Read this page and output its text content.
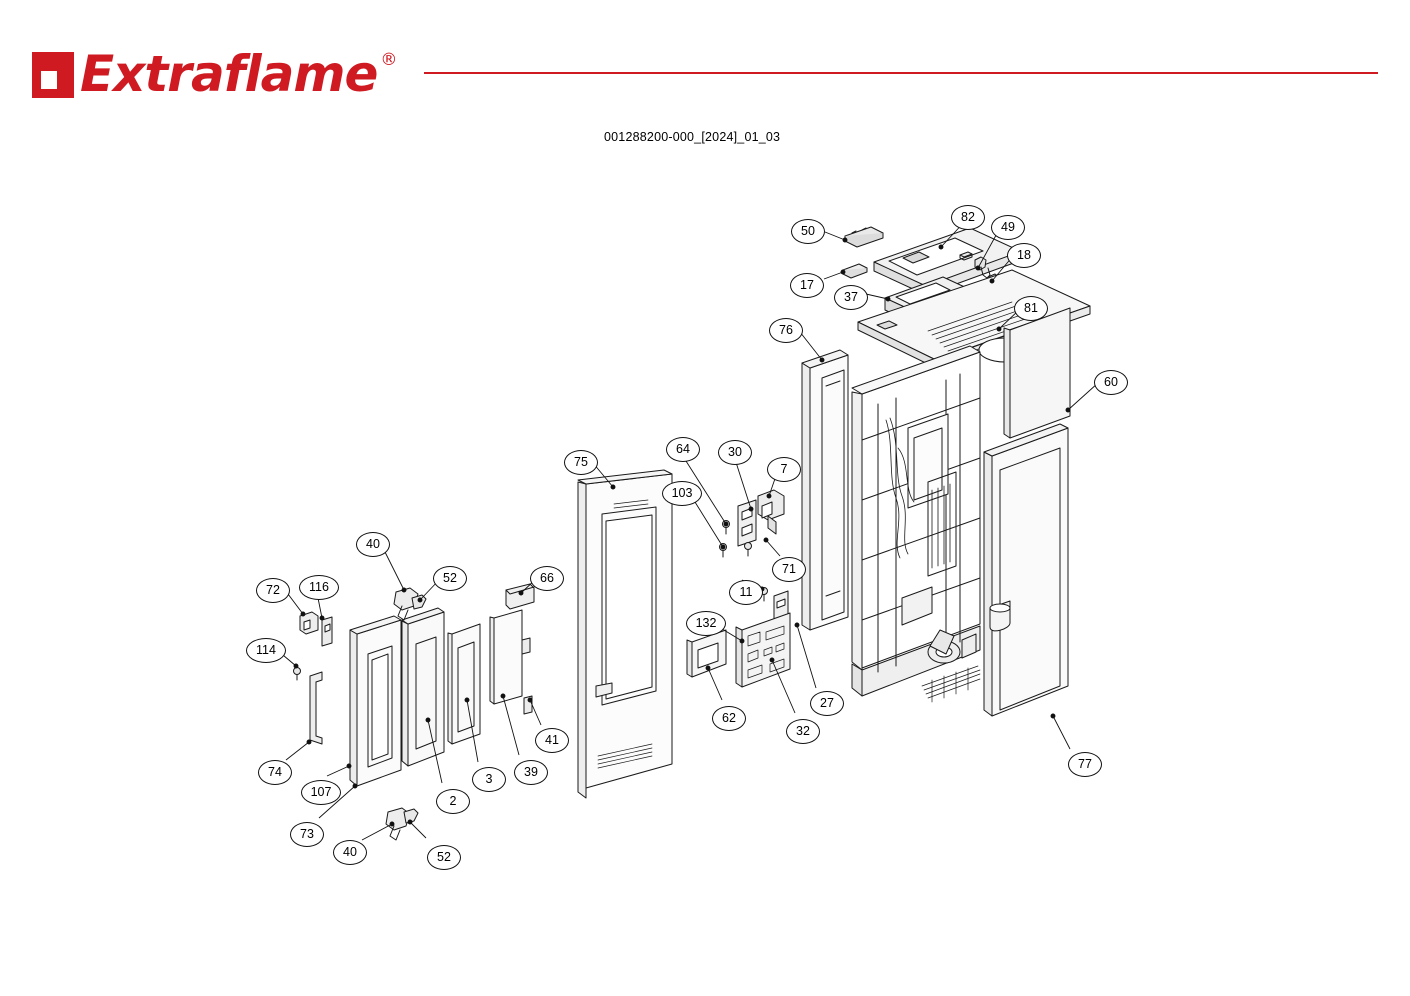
Extraflame ®
001288200-000_[2024]_01_03
50
82
49
18
17
37
81
76
60
75
64	30
7
103
71
11
27
132
62
32
77
40
52	66
72	116
114
41
39
3
2
74
107
73
40	52
